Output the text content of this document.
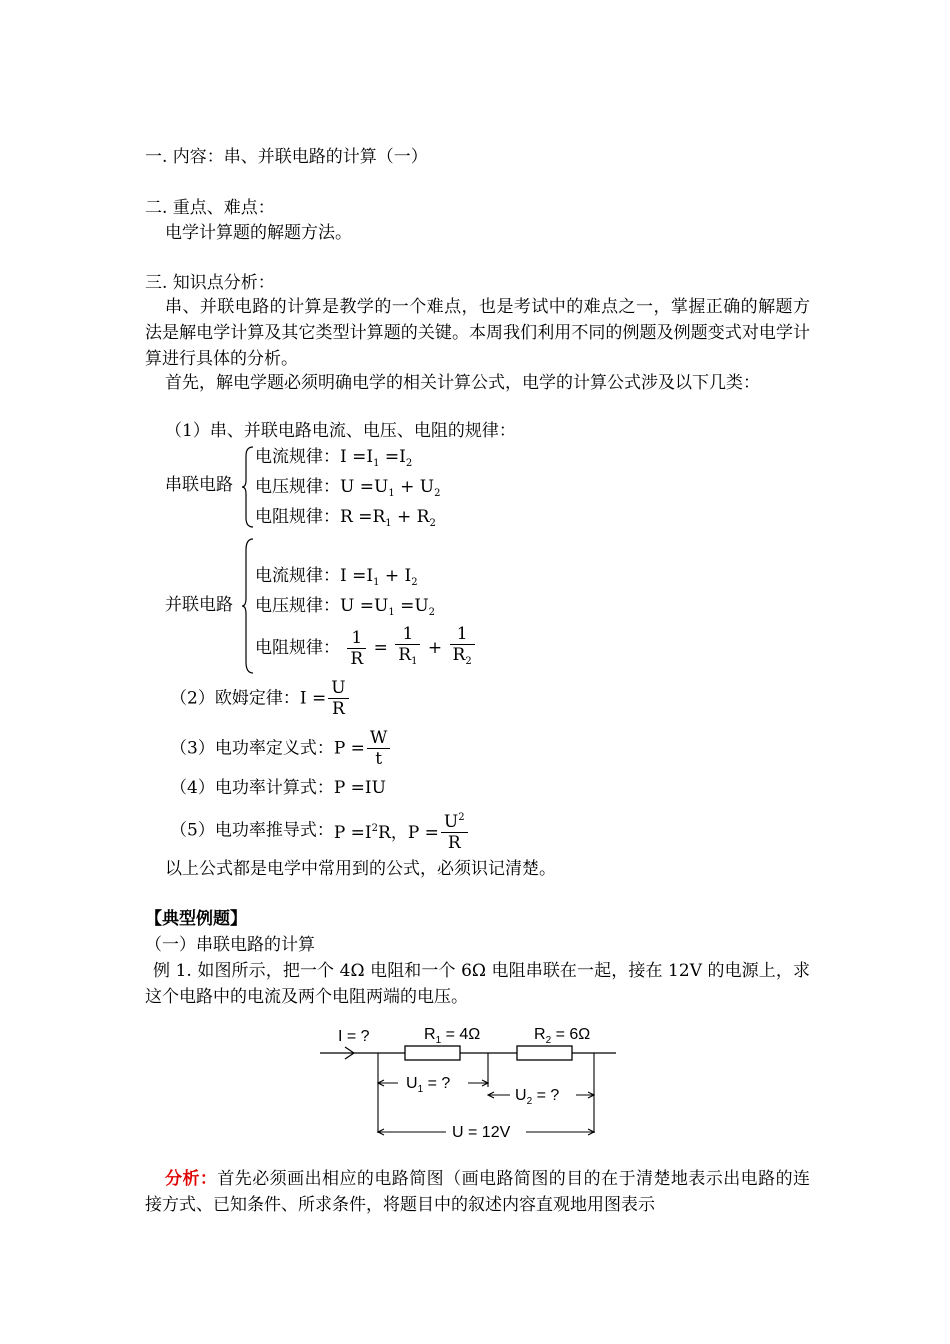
一. 内容：串、并联电路的计算（一）
二. 重点、难点：
电学计算题的解题方法。
三. 知识点分析：
串、并联电路的计算是教学的一个难点，也是考试中的难点之一，掌握正确的解题方法是解电学计算及其它类型计算题的关键。本周我们利用不同的例题及例题变式对电学计算进行具体的分析。
首先，解电学题必须明确电学的相关计算公式，电学的计算公式涉及以下几类：
（1）串、并联电路电流、电压、电阻的规律：
串联电路
电流规律：$I =I_1 =I_2$
电压规律：$U =U_1 + U_2$
电阻规律：$R =R_1 + R_2$
并联电路
电流规律：$I =I_1 + I_2$
电压规律：$U =U_1 =U_2$
电阻规律： $\frac{1}{R} = \frac{1}{R_1} + \frac{1}{R_2}$
（2）欧姆定律：$I = \frac{U}{R}$
（3）电功率定义式：$P = \frac{W}{t}$
（4）电功率计算式：P =IU
（5）电功率推导式：$P =I^2R$，$P = \frac{U^2}{R}$
以上公式都是电学中常用到的公式，必须识记清楚。
【典型例题】
（一）串联电路的计算
例 1. 如图所示，把一个 4Ω 电阻和一个 6Ω 电阻串联在一起，接在 12V 的电源上，求这个电路中的电流及两个电阻两端的电压。
I = ?	$R_1 = 4\Omega$	$R_2 = 6\Omega$
$U_1$ = ?
$U_2$ = ?
U = 12V
分析：首先必须画出相应的电路简图（画电路简图的目的在于清楚地表示出电路的连接方式、已知条件、所求条件，将题目中的叙述内容直观地用图表示
